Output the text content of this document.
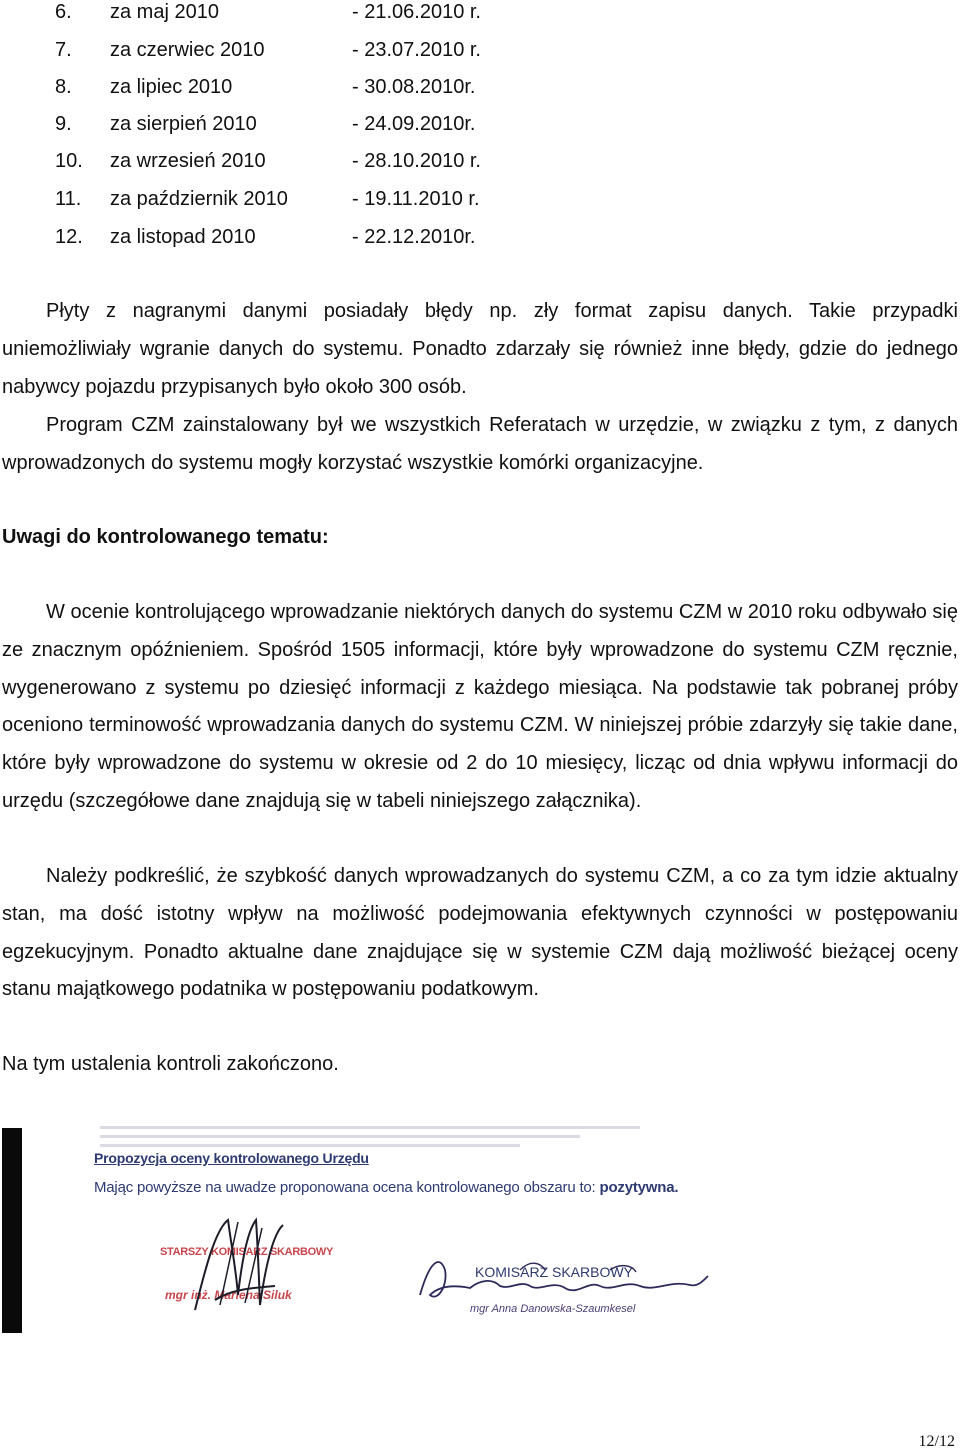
6. za maj 2010	- 21.06.2010 r.
7. za czerwiec 2010	- 23.07.2010 r.
8. za lipiec 2010	- 30.08.2010r.
9. za sierpień 2010	- 24.09.2010r.
10. za wrzesień 2010	- 28.10.2010 r.
11. za październik 2010	- 19.11.2010 r.
12. za listopad 2010	- 22.12.2010r.

Płyty z nagranymi danymi posiadały błędy np. zły format zapisu danych. Takie przypadki uniemożliwiały wgranie danych do systemu. Ponadto zdarzały się również inne błędy, gdzie do jednego nabywcy pojazdu przypisanych było około 300 osób.

Program CZM zainstalowany był we wszystkich Referatach w urzędzie, w związku z tym, z danych wprowadzonych do systemu mogły korzystać wszystkie komórki organizacyjne.

Uwagi do kontrolowanego tematu:

W ocenie kontrolującego wprowadzanie niektórych danych do systemu CZM w 2010 roku odbywało się ze znacznym opóźnieniem. Spośród 1505 informacji, które były wprowadzone do systemu CZM ręcznie, wygenerowano z systemu po dziesięć informacji z każdego miesiąca. Na podstawie tak pobranej próby oceniono terminowość wprowadzania danych do systemu CZM. W niniejszej próbie zdarzyły się takie dane, które były wprowadzone do systemu w okresie od 2 do 10 miesięcy, licząc od dnia wpływu informacji do urzędu (szczegółowe dane znajdują się w tabeli niniejszego załącznika).

Należy podkreślić, że szybkość danych wprowadzanych do systemu CZM, a co za tym idzie aktualny stan, ma dość istotny wpływ na możliwość podejmowania efektywnych czynności w postępowaniu egzekucyjnym. Ponadto aktualne dane znajdujące się w systemie CZM dają możliwość bieżącej oceny stanu majątkowego podatnika w postępowaniu podatkowym.

Na tym ustalenia kontroli zakończono.

Propozycja oceny kontrolowanego Urzędu
Mając powyższe na uwadze proponowana ocena kontrolowanego obszaru to: pozytywna.
STARSZY KOMISARZ SKARBOWY
mgr inż. Marlena Siluk
KOMISARZ SKARBOWY
mgr Anna Danowska-Szaumkesel
12/12
